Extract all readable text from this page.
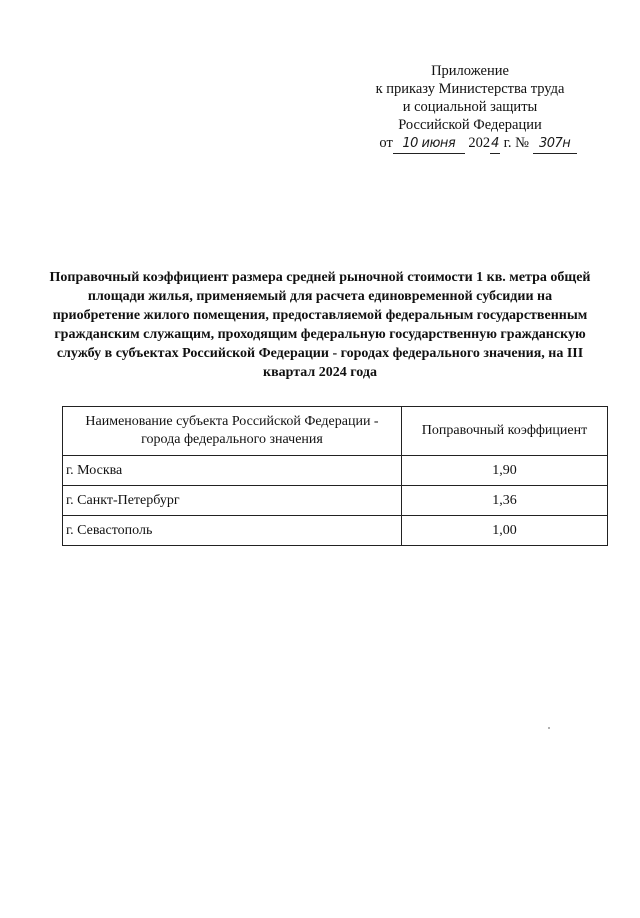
Приложение
к приказу Министерства труда
и социальной защиты
Российской Федерации
от 10 июня 2024 г. № 307н
Поправочный коэффициент размера средней рыночной стоимости 1 кв. метра общей площади жилья, применяемый для расчета единовременной субсидии на приобретение жилого помещения, предоставляемой федеральным государственным гражданским служащим, проходящим федеральную государственную гражданскую службу в субъектах Российской Федерации - городах федерального значения, на III квартал 2024 года
Наименование субъекта Российской Федерации - города федерального значения	Поправочный коэффициент
г. Москва	1,90
г. Санкт-Петербург	1,36
г. Севастополь	1,00
